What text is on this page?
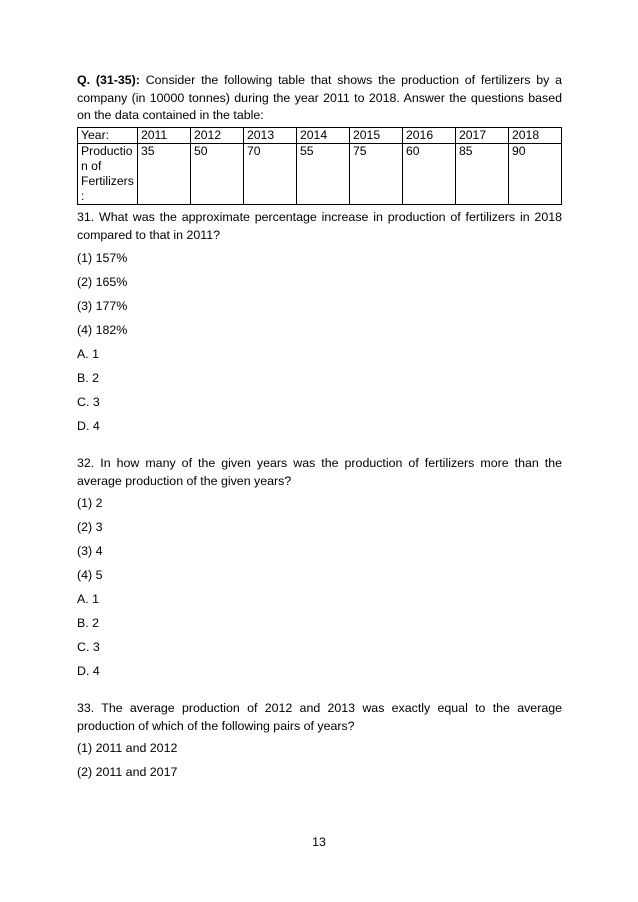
Q. (31-35): Consider the following table that shows the production of fertilizers by a company (in 10000 tonnes) during the year 2011 to 2018. Answer the questions based on the data contained in the table:

Year:	2011	2012	2013	2014	2015	2016	2017	2018
Production of Fertilizers:	35	50	70	55	75	60	85	90

31. What was the approximate percentage increase in production of fertilizers in 2018 compared to that in 2011?

(1) 157%
(2) 165%
(3) 177%
(4) 182%
A. 1
B. 2
C. 3
D. 4

32. In how many of the given years was the production of fertilizers more than the average production of the given years?

(1) 2
(2) 3
(3) 4
(4) 5
A. 1
B. 2
C. 3
D. 4

33. The average production of 2012 and 2013 was exactly equal to the average production of which of the following pairs of years?

(1) 2011 and 2012
(2) 2011 and 2017
13
